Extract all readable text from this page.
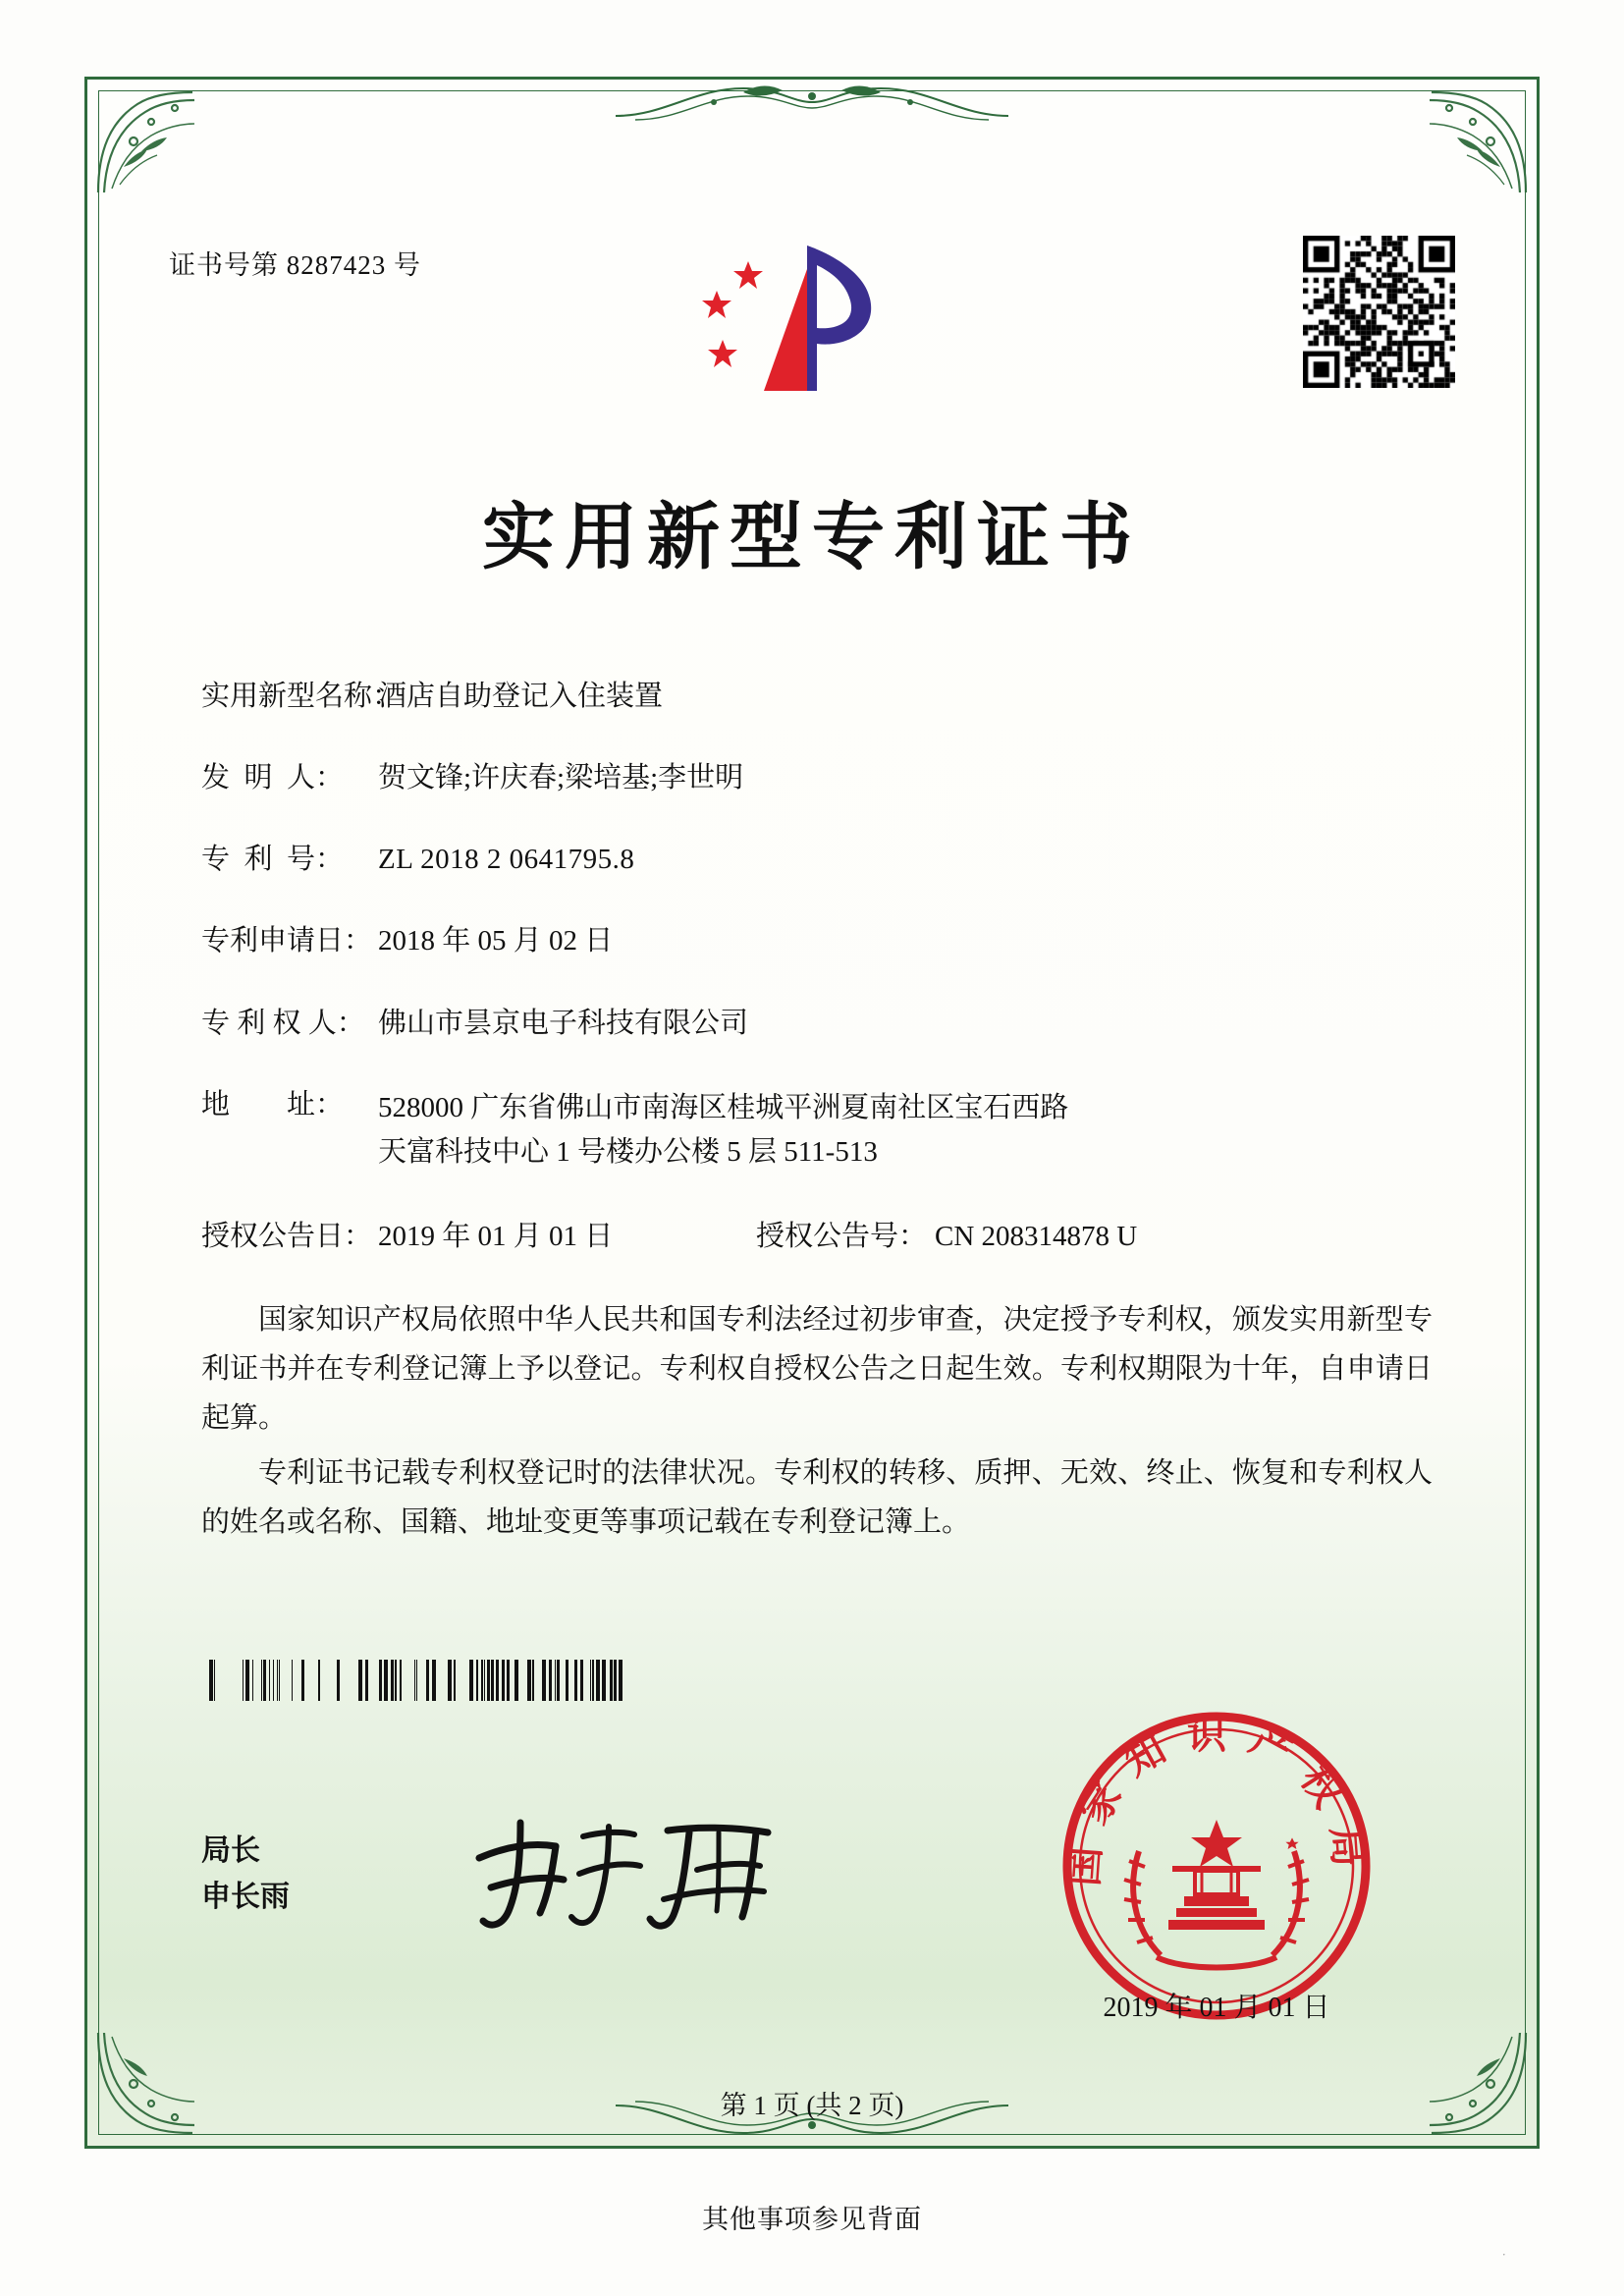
证书号第 8287423 号
实用新型专利证书
实用新型名称：
酒店自助登记入住装置
发  明  人：	贺文锋;许庆春;梁培基;李世明
专  利  号：	ZL 2018 2 0641795.8
专利申请日： 2018 年 05 月 02 日
专 利 权 人： 佛山市昙京电子科技有限公司
地        址：	528000 广东省佛山市南海区桂城平洲夏南社区宝石西路
天富科技中心 1 号楼办公楼 5 层 511-513
授权公告日： 2019 年 01 月 01 日	授权公告号： CN 208314878 U

国家知识产权局依照中华人民共和国专利法经过初步审查，决定授予专利权，颁发实用新型专利证书并在专利登记簿上予以登记。专利权自授权公告之日起生效。专利权期限为十年，自申请日起算。

专利证书记载专利权登记时的法律状况。专利权的转移、质押、无效、终止、恢复和专利权人的姓名或名称、国籍、地址变更等事项记载在专利登记簿上。

局长
申长雨
国家知识产权局
2019 年 01 月 01 日
第 1 页 (共 2 页)
其他事项参见背面
·
